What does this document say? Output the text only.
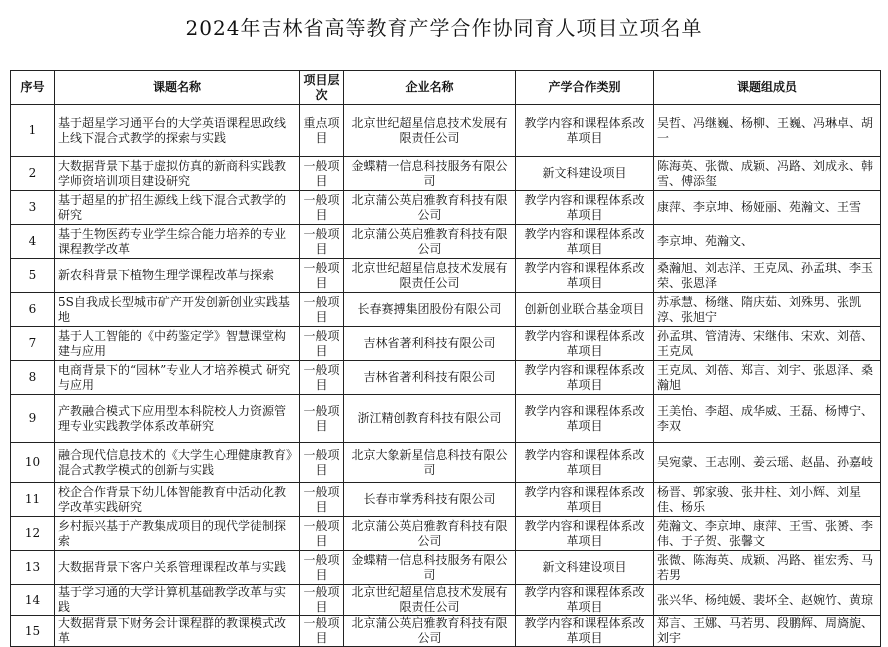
2024年吉林省高等教育产学合作协同育人项目立项名单
序号	课题名称	项目层次	企业名称	产学合作类别	课题组成员
1	基于超星学习通平台的大学英语课程思政线上线下混合式教学的探索与实践	重点项目	北京世纪超星信息技术发展有限责任公司	教学内容和课程体系改革项目	吴哲、冯继巍、杨柳、王巍、冯琳卓、胡一
2	大数据背景下基于虚拟仿真的新商科实践教学师资培训项目建设研究	一般项目	金蝶精一信息科技服务有限公司	新文科建设项目	陈海英、张微、成颖、冯路、刘成永、韩雪、傅添玺
3	基于超星的扩招生源线上线下混合式教学的研究	一般项目	北京蒲公英启雅教育科技有限公司	教学内容和课程体系改革项目	康萍、李京坤、杨娅丽、苑瀚文、王雪
4	基于生物医药专业学生综合能力培养的专业课程教学改革	一般项目	北京蒲公英启雅教育科技有限公司	教学内容和课程体系改革项目	李京坤、苑瀚文、
5	新农科背景下植物生理学课程改革与探索	一般项目	北京世纪超星信息技术发展有限责任公司	教学内容和课程体系改革项目	桑瀚旭、刘志洋、王克凤、孙孟琪、李玉荣、张恩泽
6	5S自我成长型城市矿产开发创新创业实践基地	一般项目	长春赛搏集团股份有限公司	创新创业联合基金项目	苏承慧、杨继、隋庆茹、刘殊男、张凯淳、张旭宁
7	基于人工智能的《中药鉴定学》智慧课堂构建与应用	一般项目	吉林省著利科技有限公司	教学内容和课程体系改革项目	孙孟琪、管清涛、宋继伟、宋欢、刘蓓、王克凤
8	电商背景下的“园林”专业人才培养模式 研究与应用	一般项目	吉林省著利科技有限公司	教学内容和课程体系改革项目	王克凤、刘蓓、郑言、刘宇、张恩泽、桑瀚旭
9	产教融合模式下应用型本科院校人力资源管理专业实践教学体系改革研究	一般项目	浙江精创教育科技有限公司	教学内容和课程体系改革项目	王美怡、李超、成华威、王磊、杨博宁、李双
10	融合现代信息技术的《大学生心理健康教育》混合式教学模式的创新与实践	一般项目	北京大象新星信息科技有限公司	教学内容和课程体系改革项目	吴宛蒙、王志刚、姜云瑶、赵晶、孙嘉岐
11	校企合作背景下幼儿体智能教育中活动化教学改革实践研究	一般项目	长春市掌秀科技有限公司	教学内容和课程体系改革项目	杨晋、郭家骏、张井柱、刘小辉、刘星佳、杨乐
12	乡村振兴基于产教集成项目的现代学徒制探索	一般项目	北京蒲公英启雅教育科技有限公司	教学内容和课程体系改革项目	苑瀚文、李京坤、康萍、王雪、张赟、李伟、于子贺、张馨文
13	大数据背景下客户关系管理课程改革与实践	一般项目	金蝶精一信息科技服务有限公司	新文科建设项目	张微、陈海英、成颖、冯路、崔宏秀、马若男
14	基于学习通的大学计算机基础教学改革与实践	一般项目	北京世纪超星信息技术发展有限责任公司	教学内容和课程体系改革项目	张兴华、杨纯媛、裴坏全、赵婉竹、黄琼
15	大数据背景下财务会计课程群的教课模式改革	一般项目	北京蒲公英启雅教育科技有限公司	教学内容和课程体系改革项目	郑言、王娜、马若男、段鹏辉、周旖旎、刘宇
